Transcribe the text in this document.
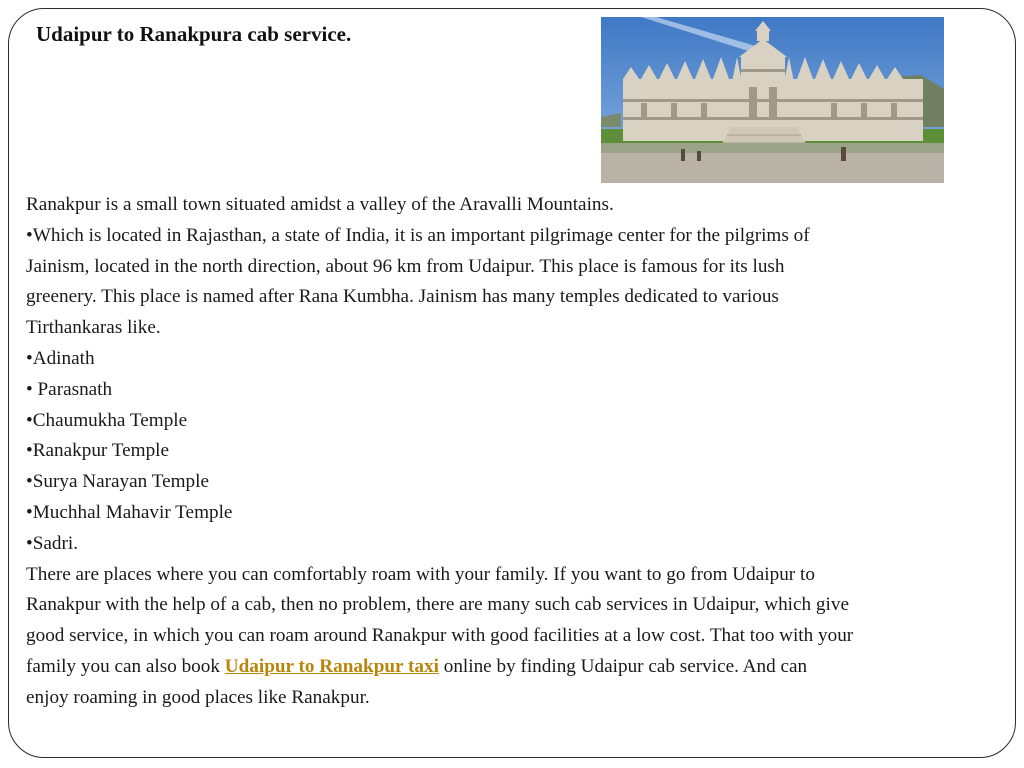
Udaipur to Ranakpura cab service.

Ranakpur is a small town situated amidst a valley of the Aravalli Mountains.

•Which is located in Rajasthan, a state of India, it is an important pilgrimage center for the pilgrims of

Jainism, located in the north direction, about 96 km from Udaipur. This place is famous for its lush

greenery. This place is named after Rana Kumbha. Jainism has many temples dedicated to various

Tirthankaras like.

•Adinath

• Parasnath

•Chaumukha Temple

•Ranakpur Temple

•Surya Narayan Temple

•Muchhal Mahavir Temple

•Sadri.

There are places where you can comfortably roam with your family. If you want to go from Udaipur to

Ranakpur with the help of a cab, then no problem, there are many such cab services in Udaipur, which give

good service, in which you can roam around Ranakpur with good facilities at a low cost. That too with your

family you can also book Udaipur to Ranakpur taxi online by finding Udaipur cab service. And can

enjoy roaming in good places like Ranakpur.
